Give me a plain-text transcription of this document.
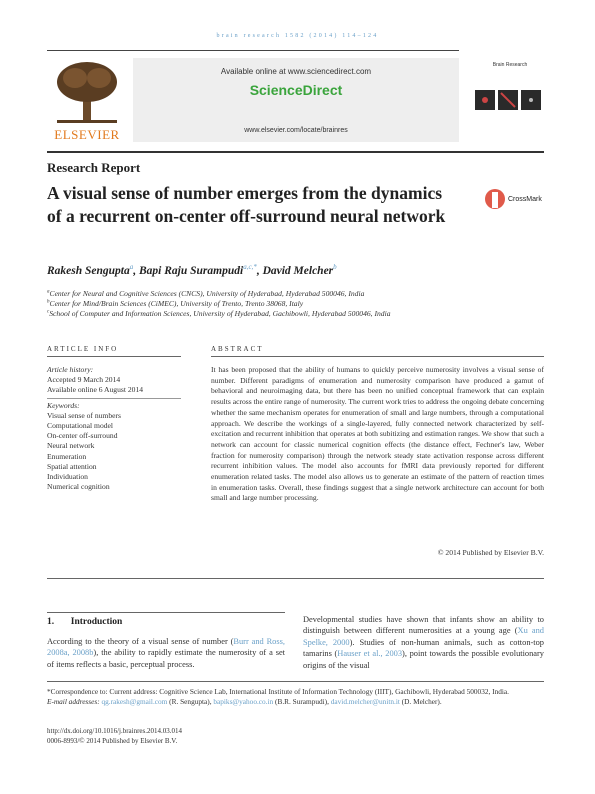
brain research 1582 (2014) 114–124
ELSEVIER
Available online at www.sciencedirect.com
ScienceDirect
www.elsevier.com/locate/brainres
Brain Research
Research Report
A visual sense of number emerges from the dynamics of a recurrent on-center off-surround neural network
CrossMark
Rakesh Sengupta$^a$, Bapi Raju Surampudi$^{a,c,*}$, David Melcher$^b$
$^a$Center for Neural and Cognitive Sciences (CNCS), University of Hyderabad, Hyderabad 500046, India
$^b$Center for Mind/Brain Sciences (CiMEC), University of Trento, Trento 38068, Italy
$^c$School of Computer and Information Sciences, University of Hyderabad, Gachibowli, Hyderabad 500046, India
ARTICLE INFO	ABSTRACT
Article history:
Accepted 9 March 2014
Available online 6 August 2014
Keywords:
Visual sense of numbers
Computational model
On-center off-surround
Neural network
Enumeration
Spatial attention
Individuation
Numerical cognition
It has been proposed that the ability of humans to quickly perceive numerosity involves a visual sense of number. Different paradigms of enumeration and numerosity comparison have produced a gamut of behavioral and neuroimaging data, but there has been no unified conceptual framework that can explain results across the entire range of numerosity. The current work tries to address the ongoing debate concerning whether the same mechanism operates for enumeration of small and large numbers, through a computational approach. We describe the workings of a single-layered, fully connected network characterized by self-excitation and recurrent inhibition that operates at both subitizing and estimation ranges. We show that such a network can account for classic numerical cognition effects (the distance effect, Fechner's law, Weber fraction for numerosity comparison) through the network steady state activation response across different recurrent inhibition values. The model also accounts for fMRI data previously reported for different enumeration related tasks. The model also allows us to generate an estimate of the pattern of reaction times in enumeration tasks. Overall, these findings suggest that a single network architecture can account for both small and large number processing.
© 2014 Published by Elsevier B.V.
1. Introduction
According to the theory of a visual sense of number (Burr and Ross, 2008a, 2008b), the ability to rapidly estimate the numerosity of a set of items reflects a basic, perceptual process.
Developmental studies have shown that infants show an ability to distinguish between different numerosities at a young age (Xu and Spelke, 2000). Studies of non-human animals, such as cotton-top tamarins (Hauser et al., 2003), point towards the possible evolutionary origins of the visual
*Correspondence to: Current address: Cognitive Science Lab, International Institute of Information Technology (IIIT), Gachibowli, Hyderabad 500032, India.
E-mail addresses: qg.rakesh@gmail.com (R. Sengupta), bapiks@yahoo.co.in (B.R. Surampudi), david.melcher@unitn.it (D. Melcher).
http://dx.doi.org/10.1016/j.brainres.2014.03.014
0006-8993/© 2014 Published by Elsevier B.V.
